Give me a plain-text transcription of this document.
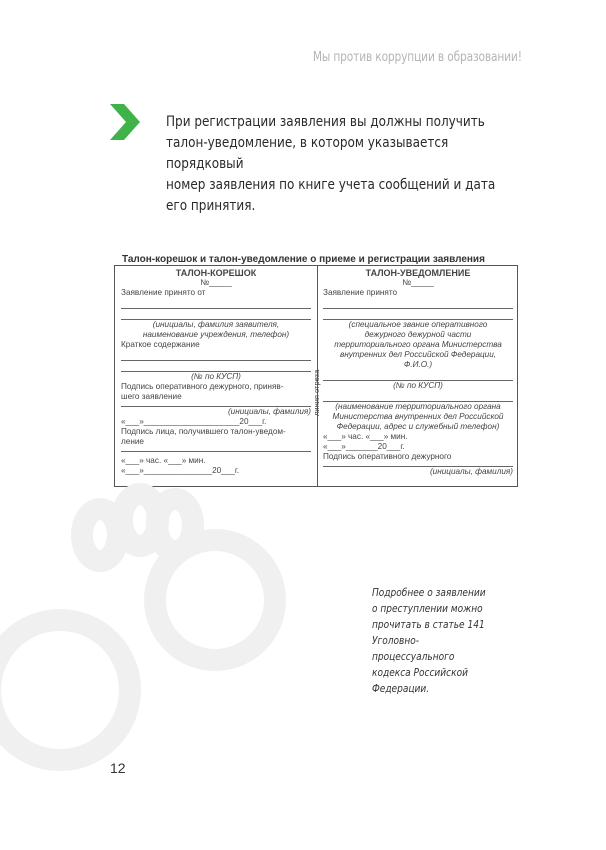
Мы против коррупции в образовании!
При регистрации заявления вы должны получить
талон-уведомление, в котором указывается порядковый
номер заявления по книге учета сообщений и дата
его принятия.
Талон-корешок и талон-уведомление о приеме и регистрации заявления
линия отреза
ТАЛОН-КОРЕШОК
№_____
Заявление принято от
(инициалы, фамилия заявителя,
наименование учреждения, телефон)
Краткое содержание
(№ по КУСП)
Подпись оперативного дежурного, приняв-
шего заявление
(инициалы, фамилия)
«___»_____________________20___г.
Подпись лица, получившего талон-уведом-
ление
«___» час. «___» мин.
«___»_______________20___г.
ТАЛОН-УВЕДОМЛЕНИЕ
№_____
Заявление принято
(специальное звание оперативного
дежурного дежурной части
территориального органа Министерства
внутренних дел Российской Федерации,
Ф.И.О.)
(№ по КУСП)
(наименование территориального органа
Министерства внутренних дел Российской
Федерации, адрес и служебный телефон)
«___» час. «___» мин.
«___»_______20___г.
Подпись оперативного дежурного
(инициалы, фамилия)
Подробнее о заявлении
о преступлении можно
прочитать в статье 141
Уголовно-процессуального
кодекса Российской
Федерации.
12
